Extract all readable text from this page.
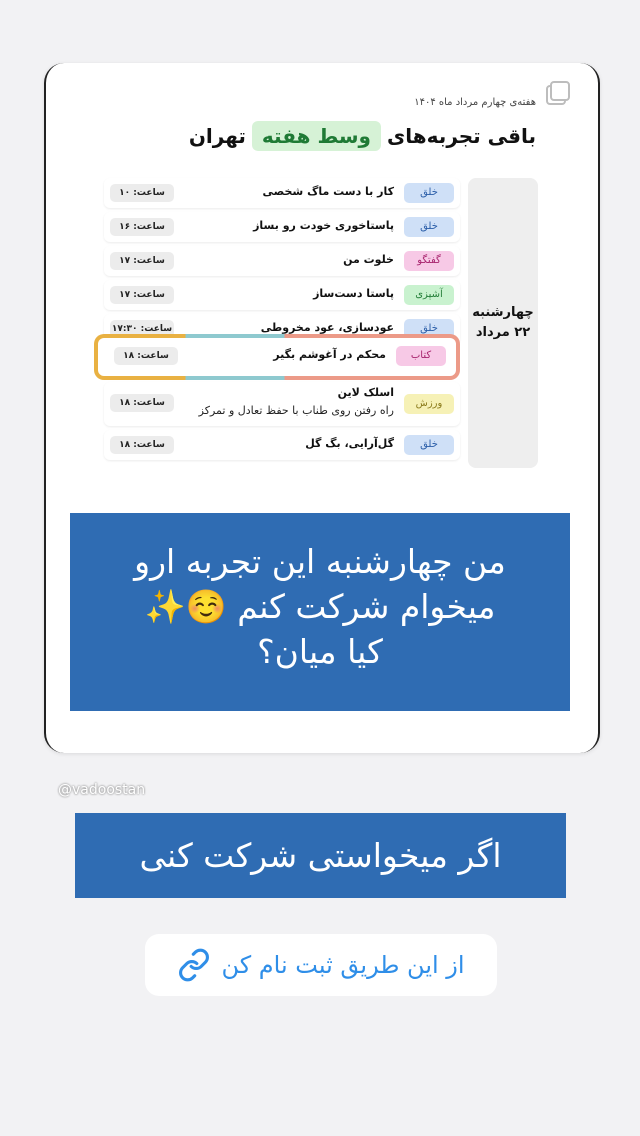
هفته‌ی چهارم مرداد ماه ۱۴۰۴
باقی تجربه‌های
وسط هفته
تهران
چهارشنبه
۲۲ مرداد
خلق
کار با دست ماگ شخصی
ساعت: ۱۰
خلق
پاستاخوری خودت رو بساز
ساعت: ۱۶
گفتگو
خلوت من
ساعت: ۱۷
آشپزی
پاستا دست‌ساز
ساعت: ۱۷
خلق
عودسازی، عود مخروطی
ساعت: ۱۷:۳۰
ورزش
اسلک لاین
راه رفتن روی طناب با حفظ تعادل و تمرکز
ساعت: ۱۸
خلق
گل‌آرایی، بگ گل
ساعت: ۱۸
کتاب
محکم در آغوشم بگیر
ساعت: ۱۸
من چهارشنبه این تجربه ارو
میخوام شرکت کنم ☺️✨
کیا میان؟
@vadoostan
اگر میخواستی شرکت کنی
از این طریق ثبت نام کن
